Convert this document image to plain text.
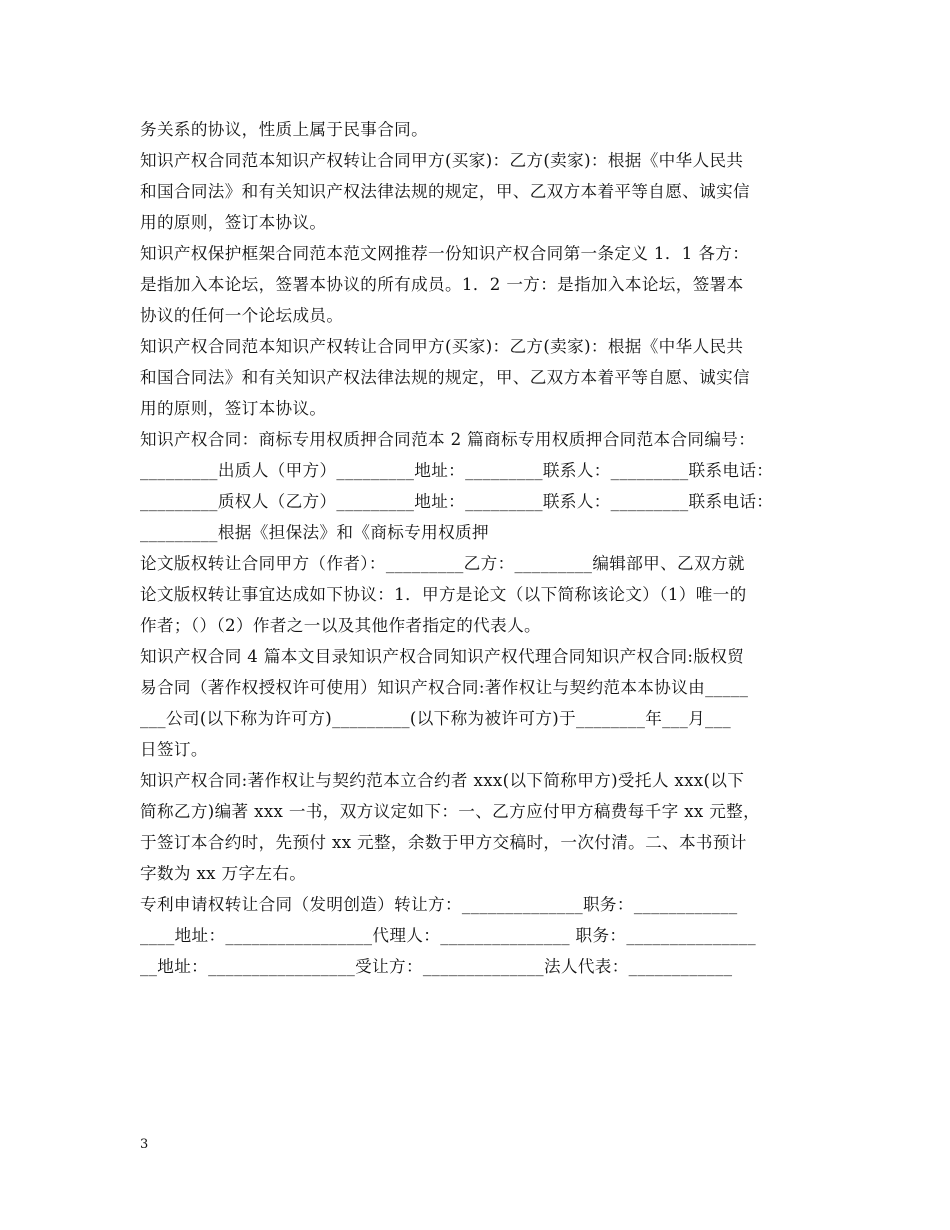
务关系的协议，性质上属于民事合同。
知识产权合同范本知识产权转让合同甲方(买家)：乙方(卖家)：根据《中华人民共
和国合同法》和有关知识产权法律法规的规定，甲、乙双方本着平等自愿、诚实信
用的原则，签订本协议。
知识产权保护框架合同范本范文网推荐一份知识产权合同第一条定义 1．1 各方：
是指加入本论坛，签署本协议的所有成员。1．2 一方：是指加入本论坛，签署本
协议的任何一个论坛成员。
知识产权合同范本知识产权转让合同甲方(买家)：乙方(卖家)：根据《中华人民共
和国合同法》和有关知识产权法律法规的规定，甲、乙双方本着平等自愿、诚实信
用的原则，签订本协议。
知识产权合同：商标专用权质押合同范本 2 篇商标专用权质押合同范本合同编号：
_________出质人（甲方）_________地址：_________联系人：_________联系电话：
_________质权人（乙方）_________地址：_________联系人：_________联系电话：
_________根据《担保法》和《商标专用权质押
论文版权转让合同甲方（作者）：_________乙方：_________编辑部甲、乙双方就
论文版权转让事宜达成如下协议：1．甲方是论文（以下简称该论文）（1）唯一的
作者；（）（2）作者之一以及其他作者指定的代表人。
知识产权合同 4 篇本文目录知识产权合同知识产权代理合同知识产权合同:版权贸
易合同（著作权授权许可使用）知识产权合同:著作权让与契约范本本协议由_____
___公司(以下称为许可方)_________(以下称为被许可方)于________年___月___
日签订。
知识产权合同:著作权让与契约范本立合约者 xxx(以下简称甲方)受托人 xxx(以下
简称乙方)编著 xxx 一书，双方议定如下：一、乙方应付甲方稿费每千字 xx 元整，
于签订本合约时，先预付 xx 元整，余数于甲方交稿时，一次付清。二、本书预计
字数为 xx 万字左右。
专利申请权转让合同（发明创造）转让方：______________职务：____________
____地址：_________________代理人：_______________ 职务：_______________
__地址：_________________受让方：______________法人代表：____________
3
